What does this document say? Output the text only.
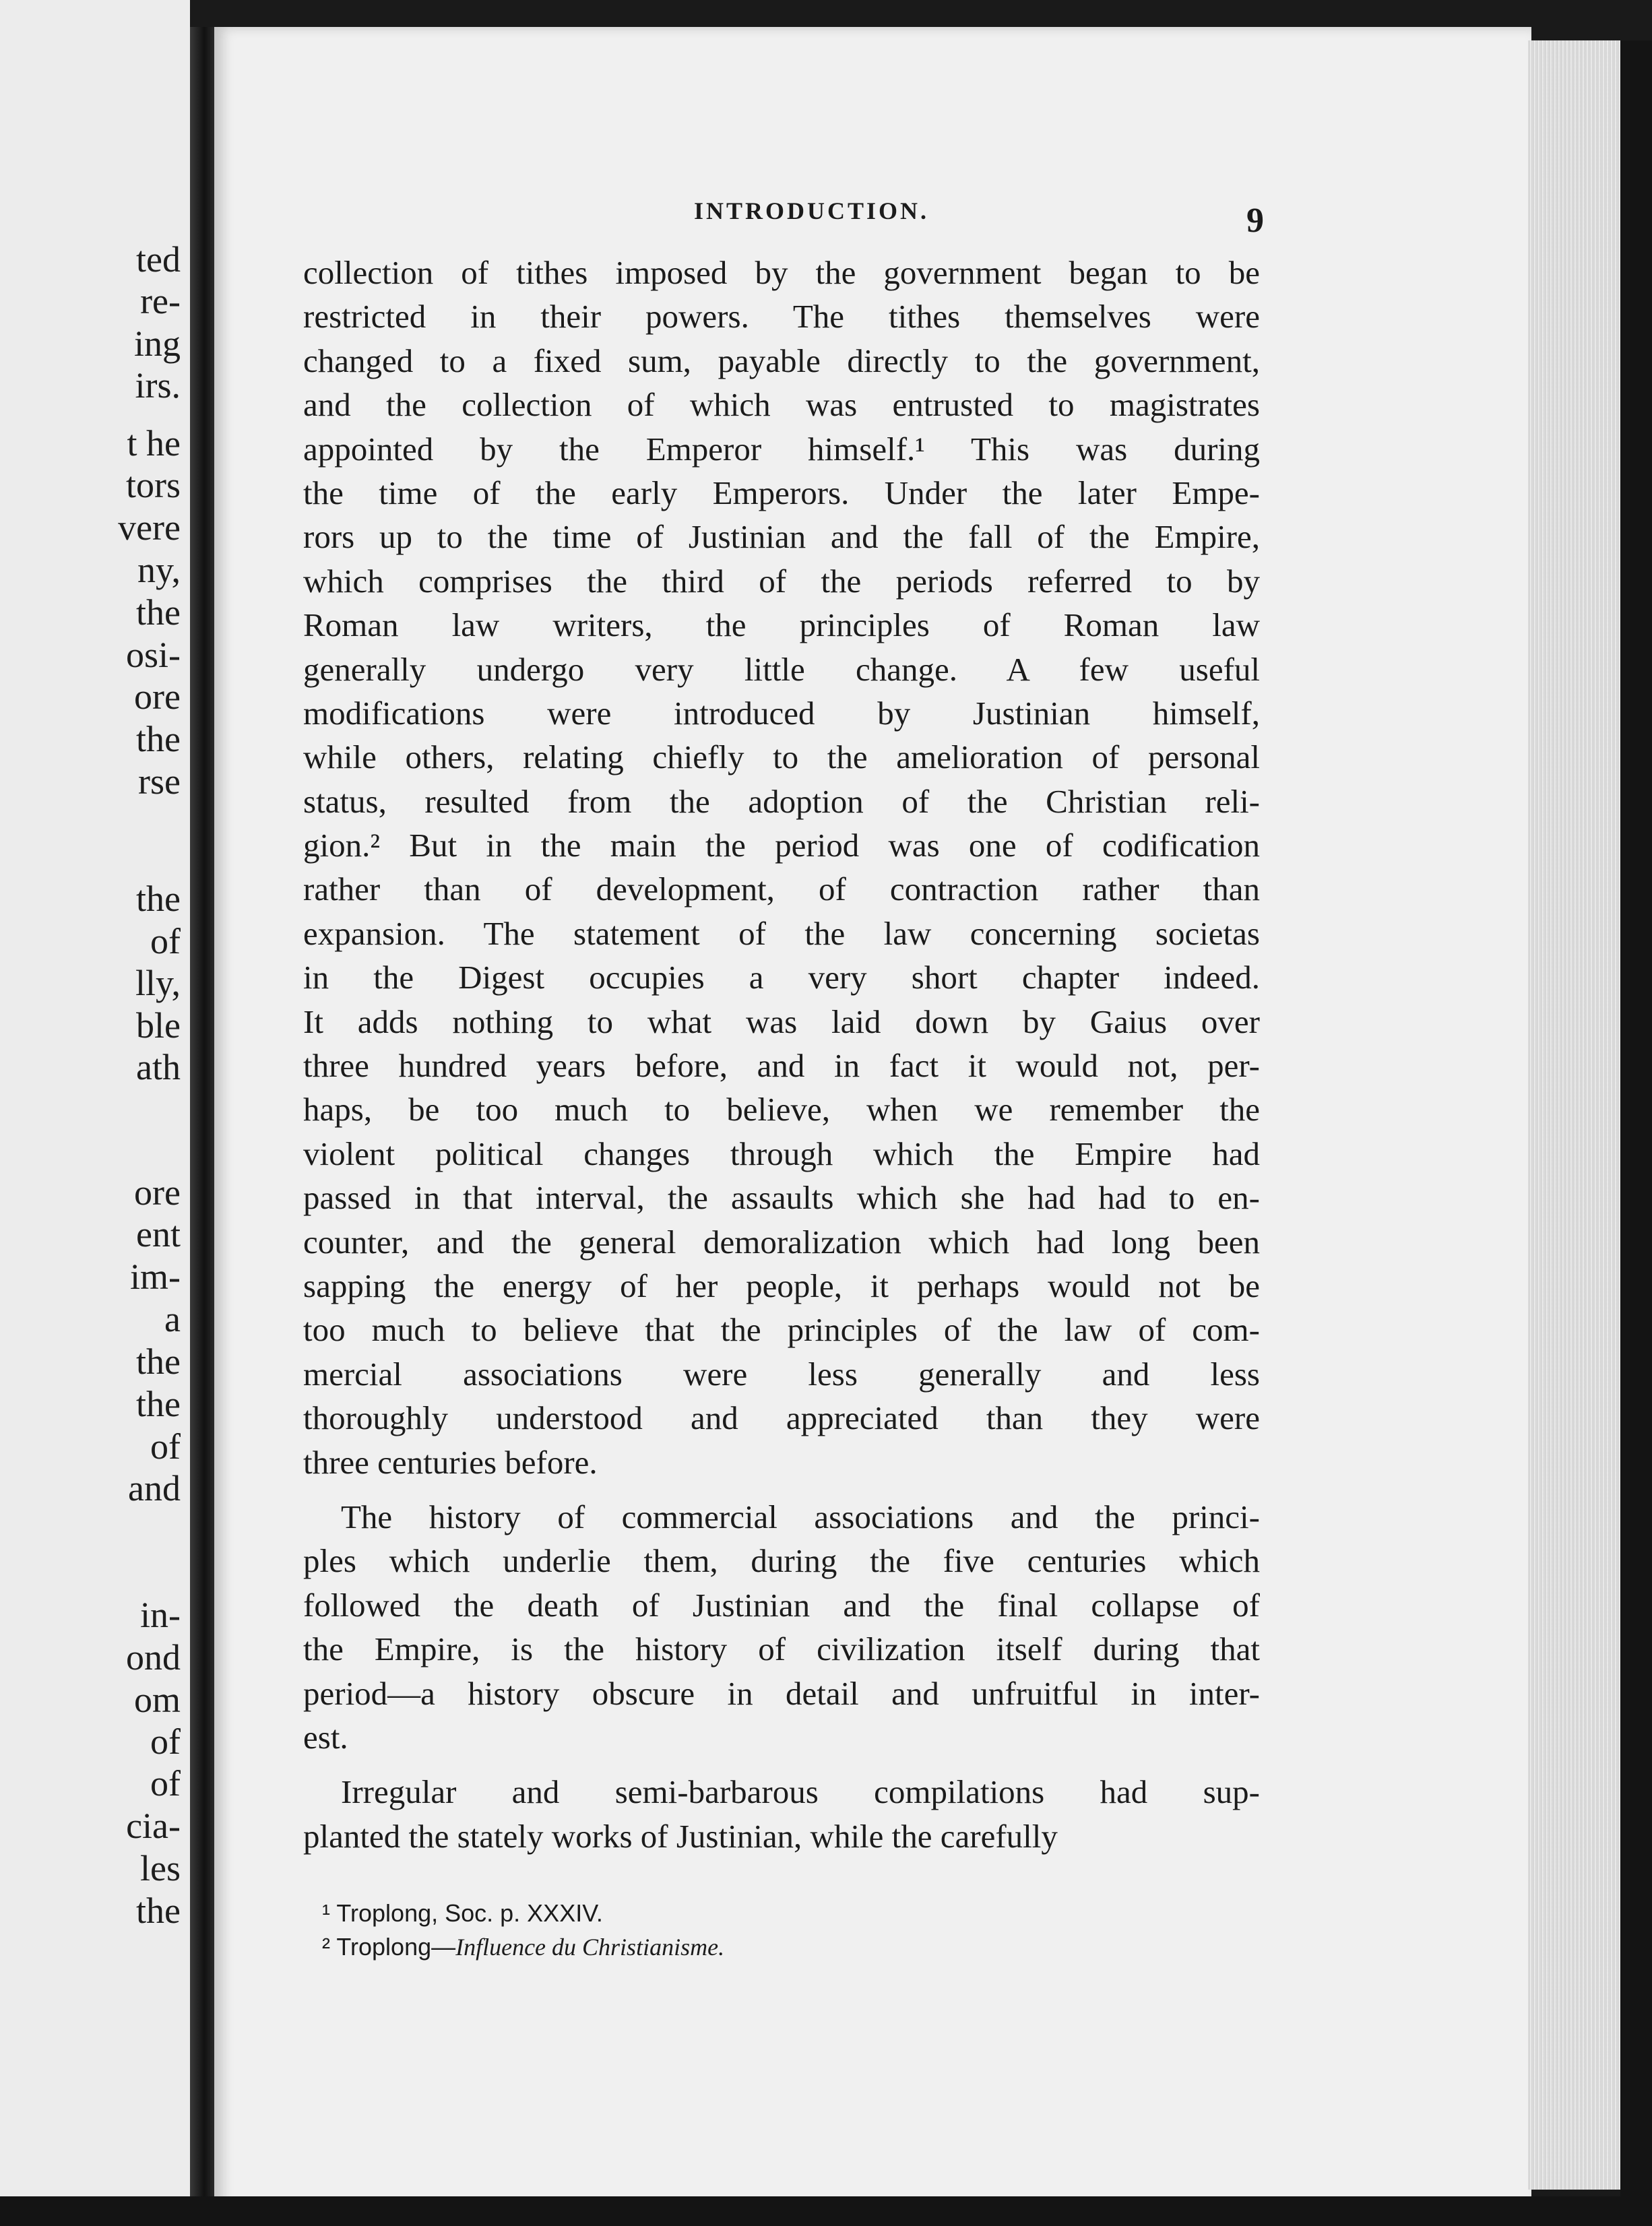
ted
re-
ing
irs.
t he
tors
vere
ny,
the
osi-
ore
the
rse
the
of
lly,
ble
ath
ore
ent
im-
a
the
the
of
and
in-
ond
om
of
of
cia-
les
the
INTRODUCTION.	9
collection of tithes imposed by the government began to be
restricted in their powers. The tithes themselves were
changed to a fixed sum, payable directly to the government,
and the collection of which was entrusted to magistrates
appointed by the Emperor himself.¹ This was during
the time of the early Emperors. Under the later Empe-
rors up to the time of Justinian and the fall of the Empire,
which comprises the third of the periods referred to by
Roman law writers, the principles of Roman law
generally undergo very little change. A few useful
modifications were introduced by Justinian himself,
while others, relating chiefly to the amelioration of personal
status, resulted from the adoption of the Christian reli-
gion.² But in the main the period was one of codification
rather than of development, of contraction rather than
expansion. The statement of the law concerning societas
in the Digest occupies a very short chapter indeed.
It adds nothing to what was laid down by Gaius over
three hundred years before, and in fact it would not, per-
haps, be too much to believe, when we remember the
violent political changes through which the Empire had
passed in that interval, the assaults which she had had to en-
counter, and the general demoralization which had long been
sapping the energy of her people, it perhaps would not be
too much to believe that the principles of the law of com-
mercial associations were less generally and less
thoroughly understood and appreciated than they were
three centuries before.
The history of commercial associations and the princi-
ples which underlie them, during the five centuries which
followed the death of Justinian and the final collapse of
the Empire, is the history of civilization itself during that
period—a history obscure in detail and unfruitful in inter-
est.
Irregular and semi-barbarous compilations had sup-
planted the stately works of Justinian, while the carefully
¹ Troplong, Soc. p. XXXIV.
² Troplong—Influence du Christianisme.
